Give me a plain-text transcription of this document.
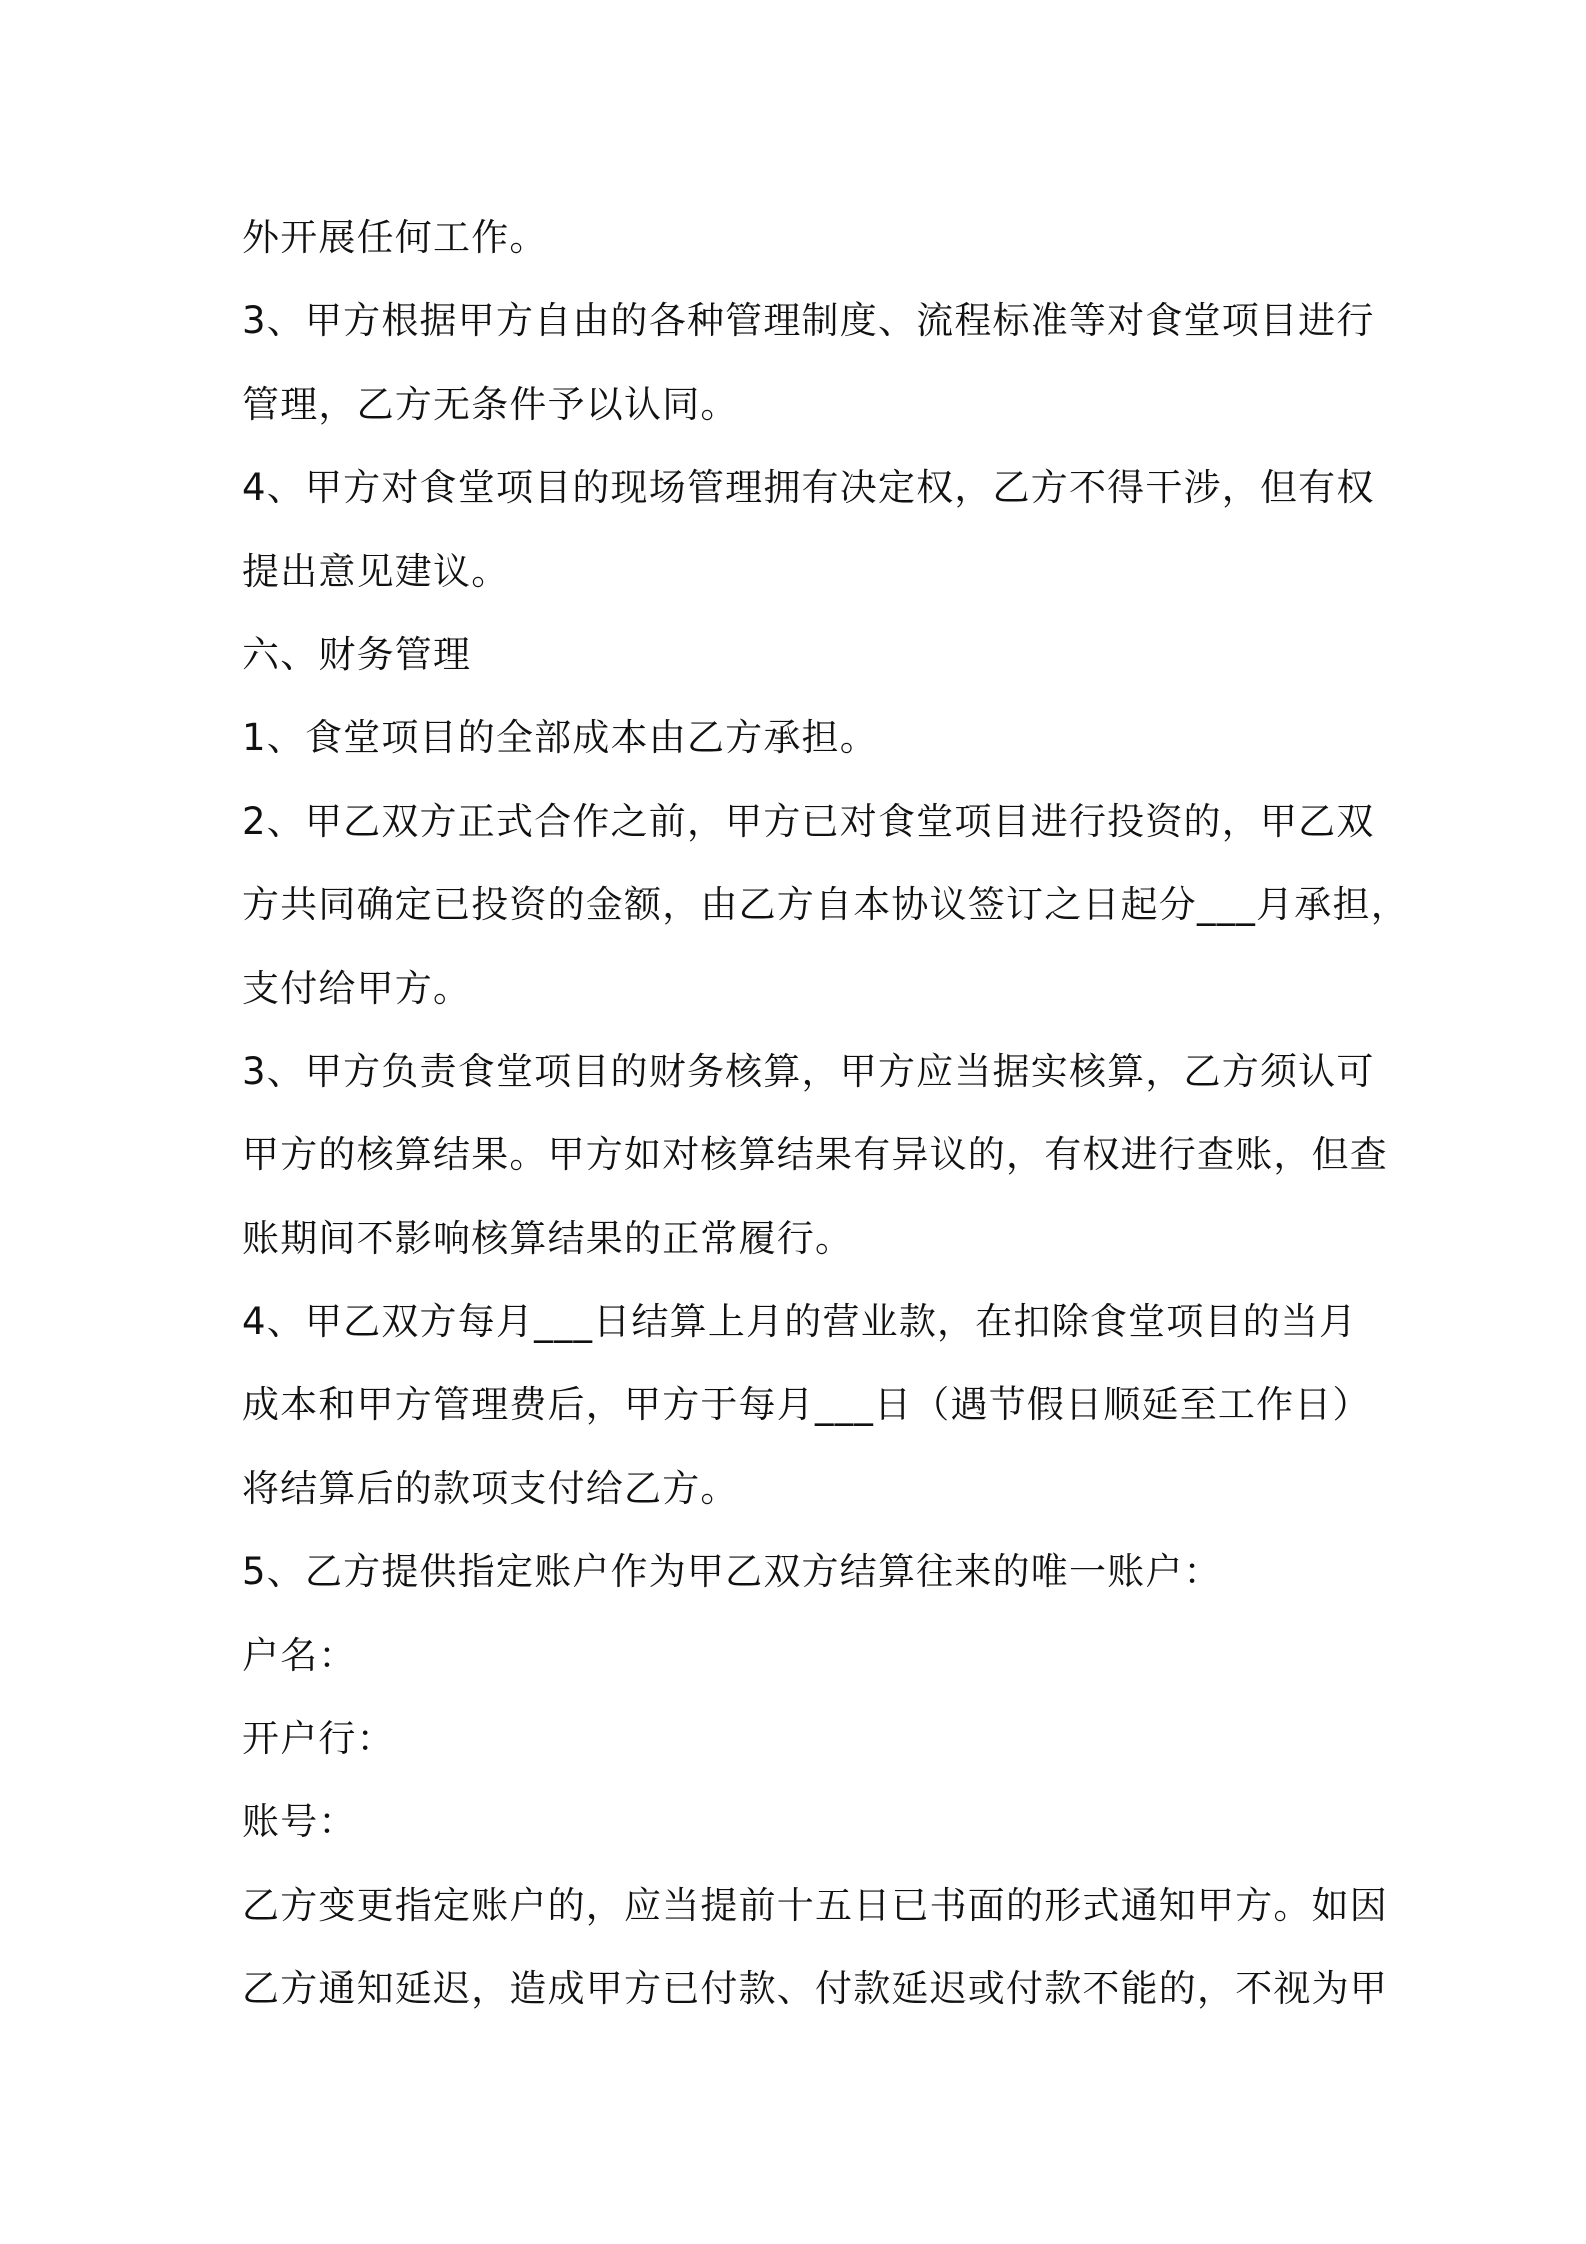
外开展任何工作。
3、甲方根据甲方自由的各种管理制度、流程标准等对食堂项目进行
管理，乙方无条件予以认同。
4、甲方对食堂项目的现场管理拥有决定权，乙方不得干涉，但有权
提出意见建议。
六、财务管理
1、食堂项目的全部成本由乙方承担。
2、甲乙双方正式合作之前，甲方已对食堂项目进行投资的，甲乙双
方共同确定已投资的金额，由乙方自本协议签订之日起分___月承担，
支付给甲方。
3、甲方负责食堂项目的财务核算，甲方应当据实核算，乙方须认可
甲方的核算结果。甲方如对核算结果有异议的，有权进行查账，但查
账期间不影响核算结果的正常履行。
4、甲乙双方每月___日结算上月的营业款，在扣除食堂项目的当月
成本和甲方管理费后，甲方于每月___日（遇节假日顺延至工作日）
将结算后的款项支付给乙方。
5、乙方提供指定账户作为甲乙双方结算往来的唯一账户：
户名：
开户行：
账号：
乙方变更指定账户的，应当提前十五日已书面的形式通知甲方。如因
乙方通知延迟，造成甲方已付款、付款延迟或付款不能的，不视为甲
